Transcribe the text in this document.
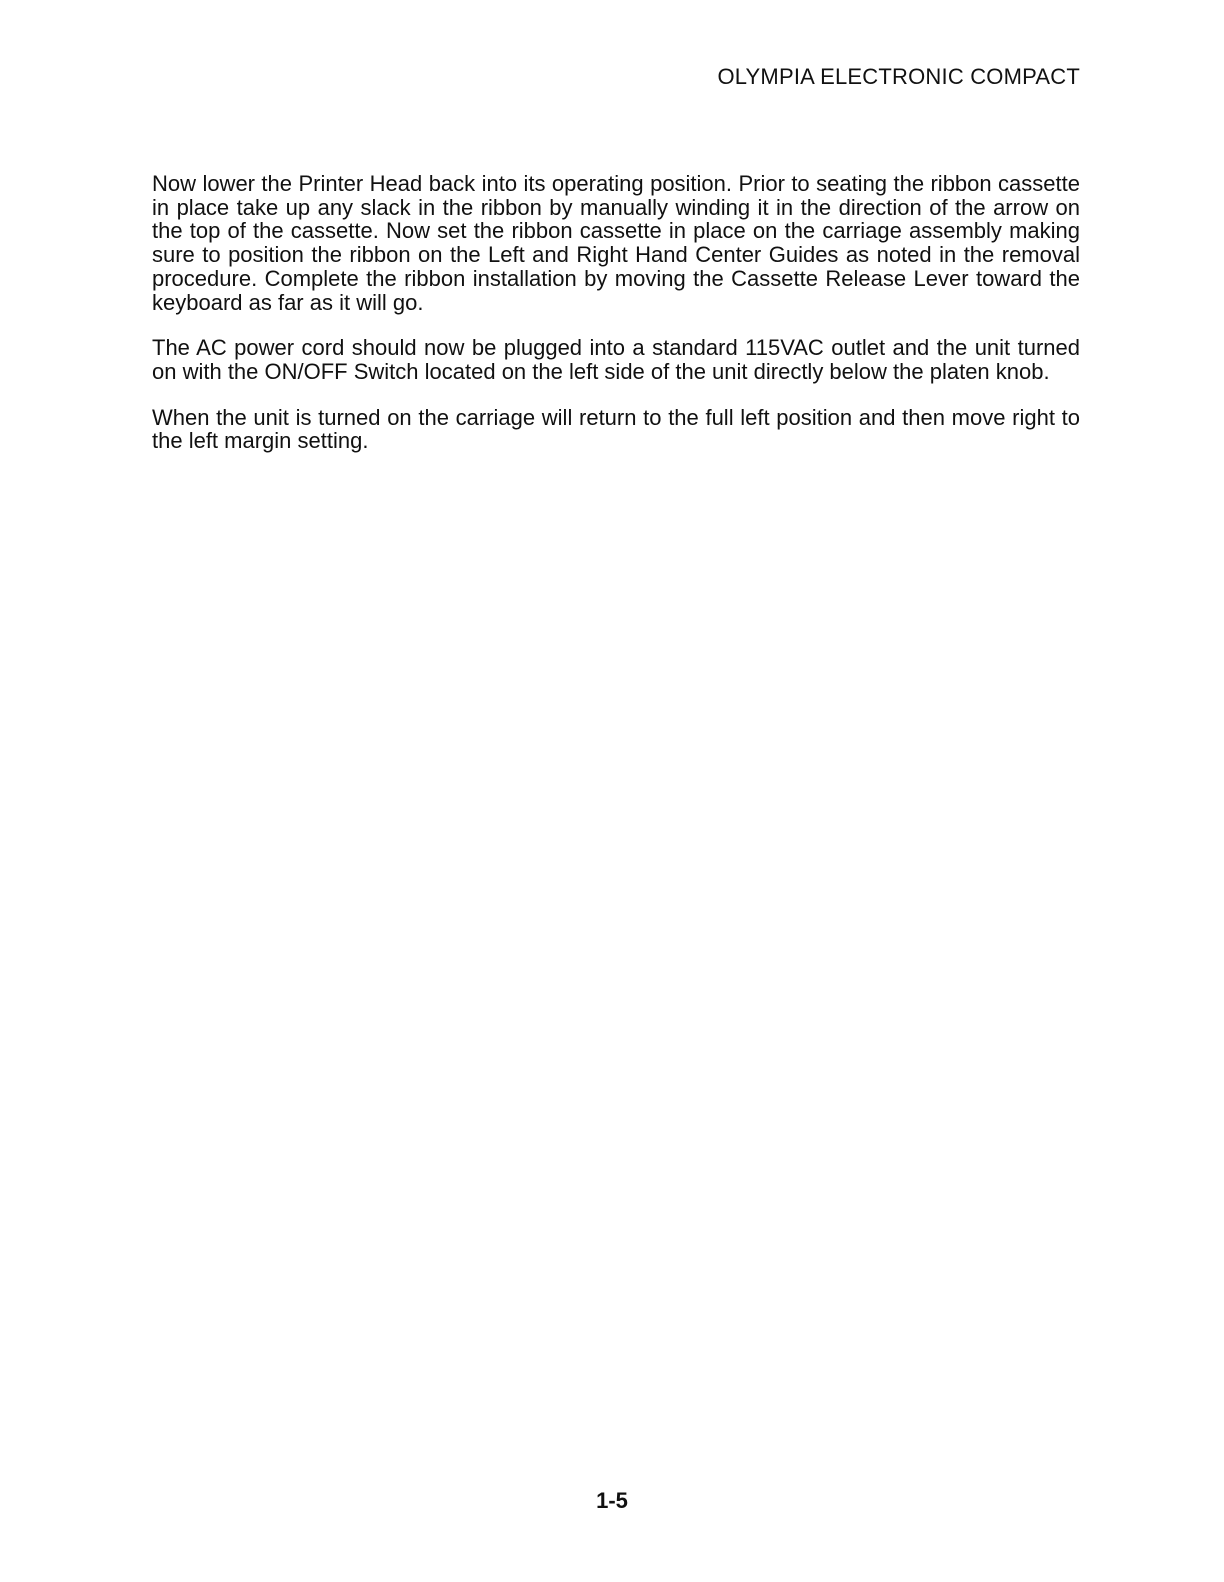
OLYMPIA ELECTRONIC COMPACT

Now lower the Printer Head back into its operating position. Prior to seating the ribbon cassette in place take up any slack in the ribbon by manually winding it in the direction of the arrow on the top of the cassette. Now set the ribbon cassette in place on the carriage assembly making sure to position the ribbon on the Left and Right Hand Center Guides as noted in the removal procedure. Complete the ribbon installation by moving the Cassette Release Lever toward the keyboard as far as it will go.

The AC power cord should now be plugged into a standard 115VAC outlet and the unit turned on with the ON/OFF Switch located on the left side of the unit directly below the platen knob.

When the unit is turned on the carriage will return to the full left position and then move right to the left margin setting.

1-5
